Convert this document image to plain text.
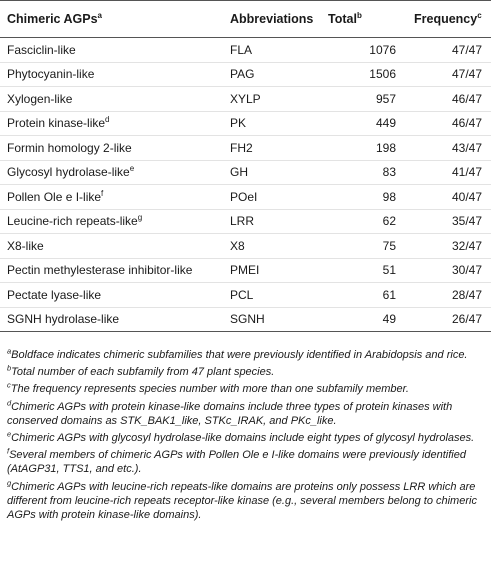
Chimeric AGPs$^a$	Abbreviations	Total$^b$	Frequency$^c$
Fasciclin-like	FLA	1076	47/47
Phytocyanin-like	PAG	1506	47/47
Xylogen-like	XYLP	957	46/47
Protein kinase-like$^d$	PK	449	46/47
Formin homology 2-like	FH2	198	43/47
Glycosyl hydrolase-like$^e$	GH	83	41/47
Pollen Ole e I-like$^f$	POeI	98	40/47
Leucine-rich repeats-like$^g$	LRR	62	35/47
X8-like	X8	75	32/47
Pectin methylesterase inhibitor-like	PMEI	51	30/47
Pectate lyase-like	PCL	61	28/47
SGNH hydrolase-like	SGNH	49	26/47

$^a$Boldface indicates chimeric subfamilies that were previously identified in Arabidopsis and rice.

$^b$Total number of each subfamily from 47 plant species.

$^c$The frequency represents species number with more than one subfamily member.

$^d$Chimeric AGPs with protein kinase-like domains include three types of protein kinases with conserved domains as STK_BAK1_like, STKc_IRAK, and PKc_like.

$^e$Chimeric AGPs with glycosyl hydrolase-like domains include eight types of glycosyl hydrolases.

$^f$Several members of chimeric AGPs with Pollen Ole e I-like domains were previously identified (AtAGP31, TTS1, and etc.).

$^g$Chimeric AGPs with leucine-rich repeats-like domains are proteins only possess LRR which are different from leucine-rich repeats receptor-like kinase (e.g., several members belong to chimeric AGPs with protein kinase-like domains).
